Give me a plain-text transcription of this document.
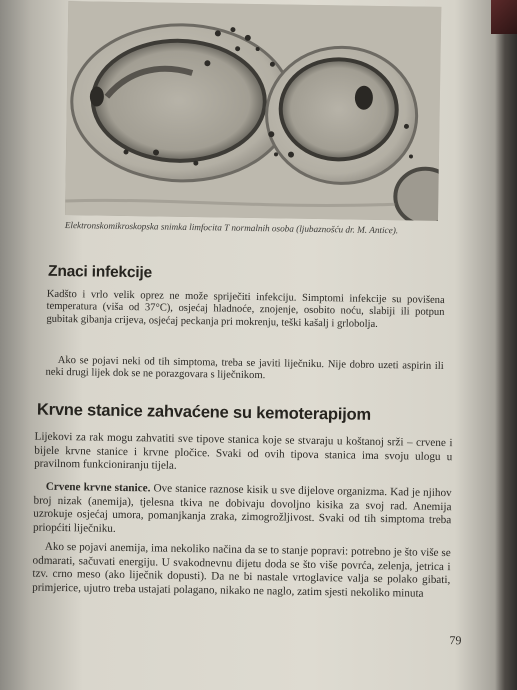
Elektronskomikroskopska snimka limfocita T normalnih osoba (ljubaznošću dr. M. Antice).
Znaci infekcije

Kadšto i vrlo velik oprez ne može spriječiti infekciju. Simptomi infekcije su povišena temperatura (viša od 37°C), osjećaj hladnoće, znojenje, osobito noću, slabiji ili potpun gubitak gibanja crijeva, osjećaj peckanja pri mokrenju, teški kašalj i grlobolja.

Ako se pojavi neki od tih simptoma, treba se javiti liječniku. Nije dobro uzeti aspirin ili neki drugi lijek dok se ne porazgovara s liječnikom.

Krvne stanice zahvaćene su kemoterapijom

Lijekovi za rak mogu zahvatiti sve tipove stanica koje se stvaraju u koštanoj srži – crvene i bijele krvne stanice i krvne pločice. Svaki od ovih tipova stanica ima svoju ulogu u pravilnom funkcioniranju tijela.

Crvene krvne stanice. Ove stanice raznose kisik u sve dijelove organizma. Kad je njihov broj nizak (anemija), tjelesna tkiva ne dobivaju dovoljno kisika za svoj rad. Anemija uzrokuje osjećaj umora, pomanjkanja zraka, zimogrožljivost. Svaki od tih simptoma treba priopćiti liječniku.

Ako se pojavi anemija, ima nekoliko načina da se to stanje popravi: potrebno je što više se odmarati, sačuvati energiju. U svakodnevnu dijetu doda se što više povrća, zelenja, jetrica i tzv. crno meso (ako liječnik dopusti). Da ne bi nastale vrtoglavice valja se polako gibati, primjerice, ujutro treba ustajati polagano, nikako ne naglo, zatim sjesti nekoliko minuta

79
